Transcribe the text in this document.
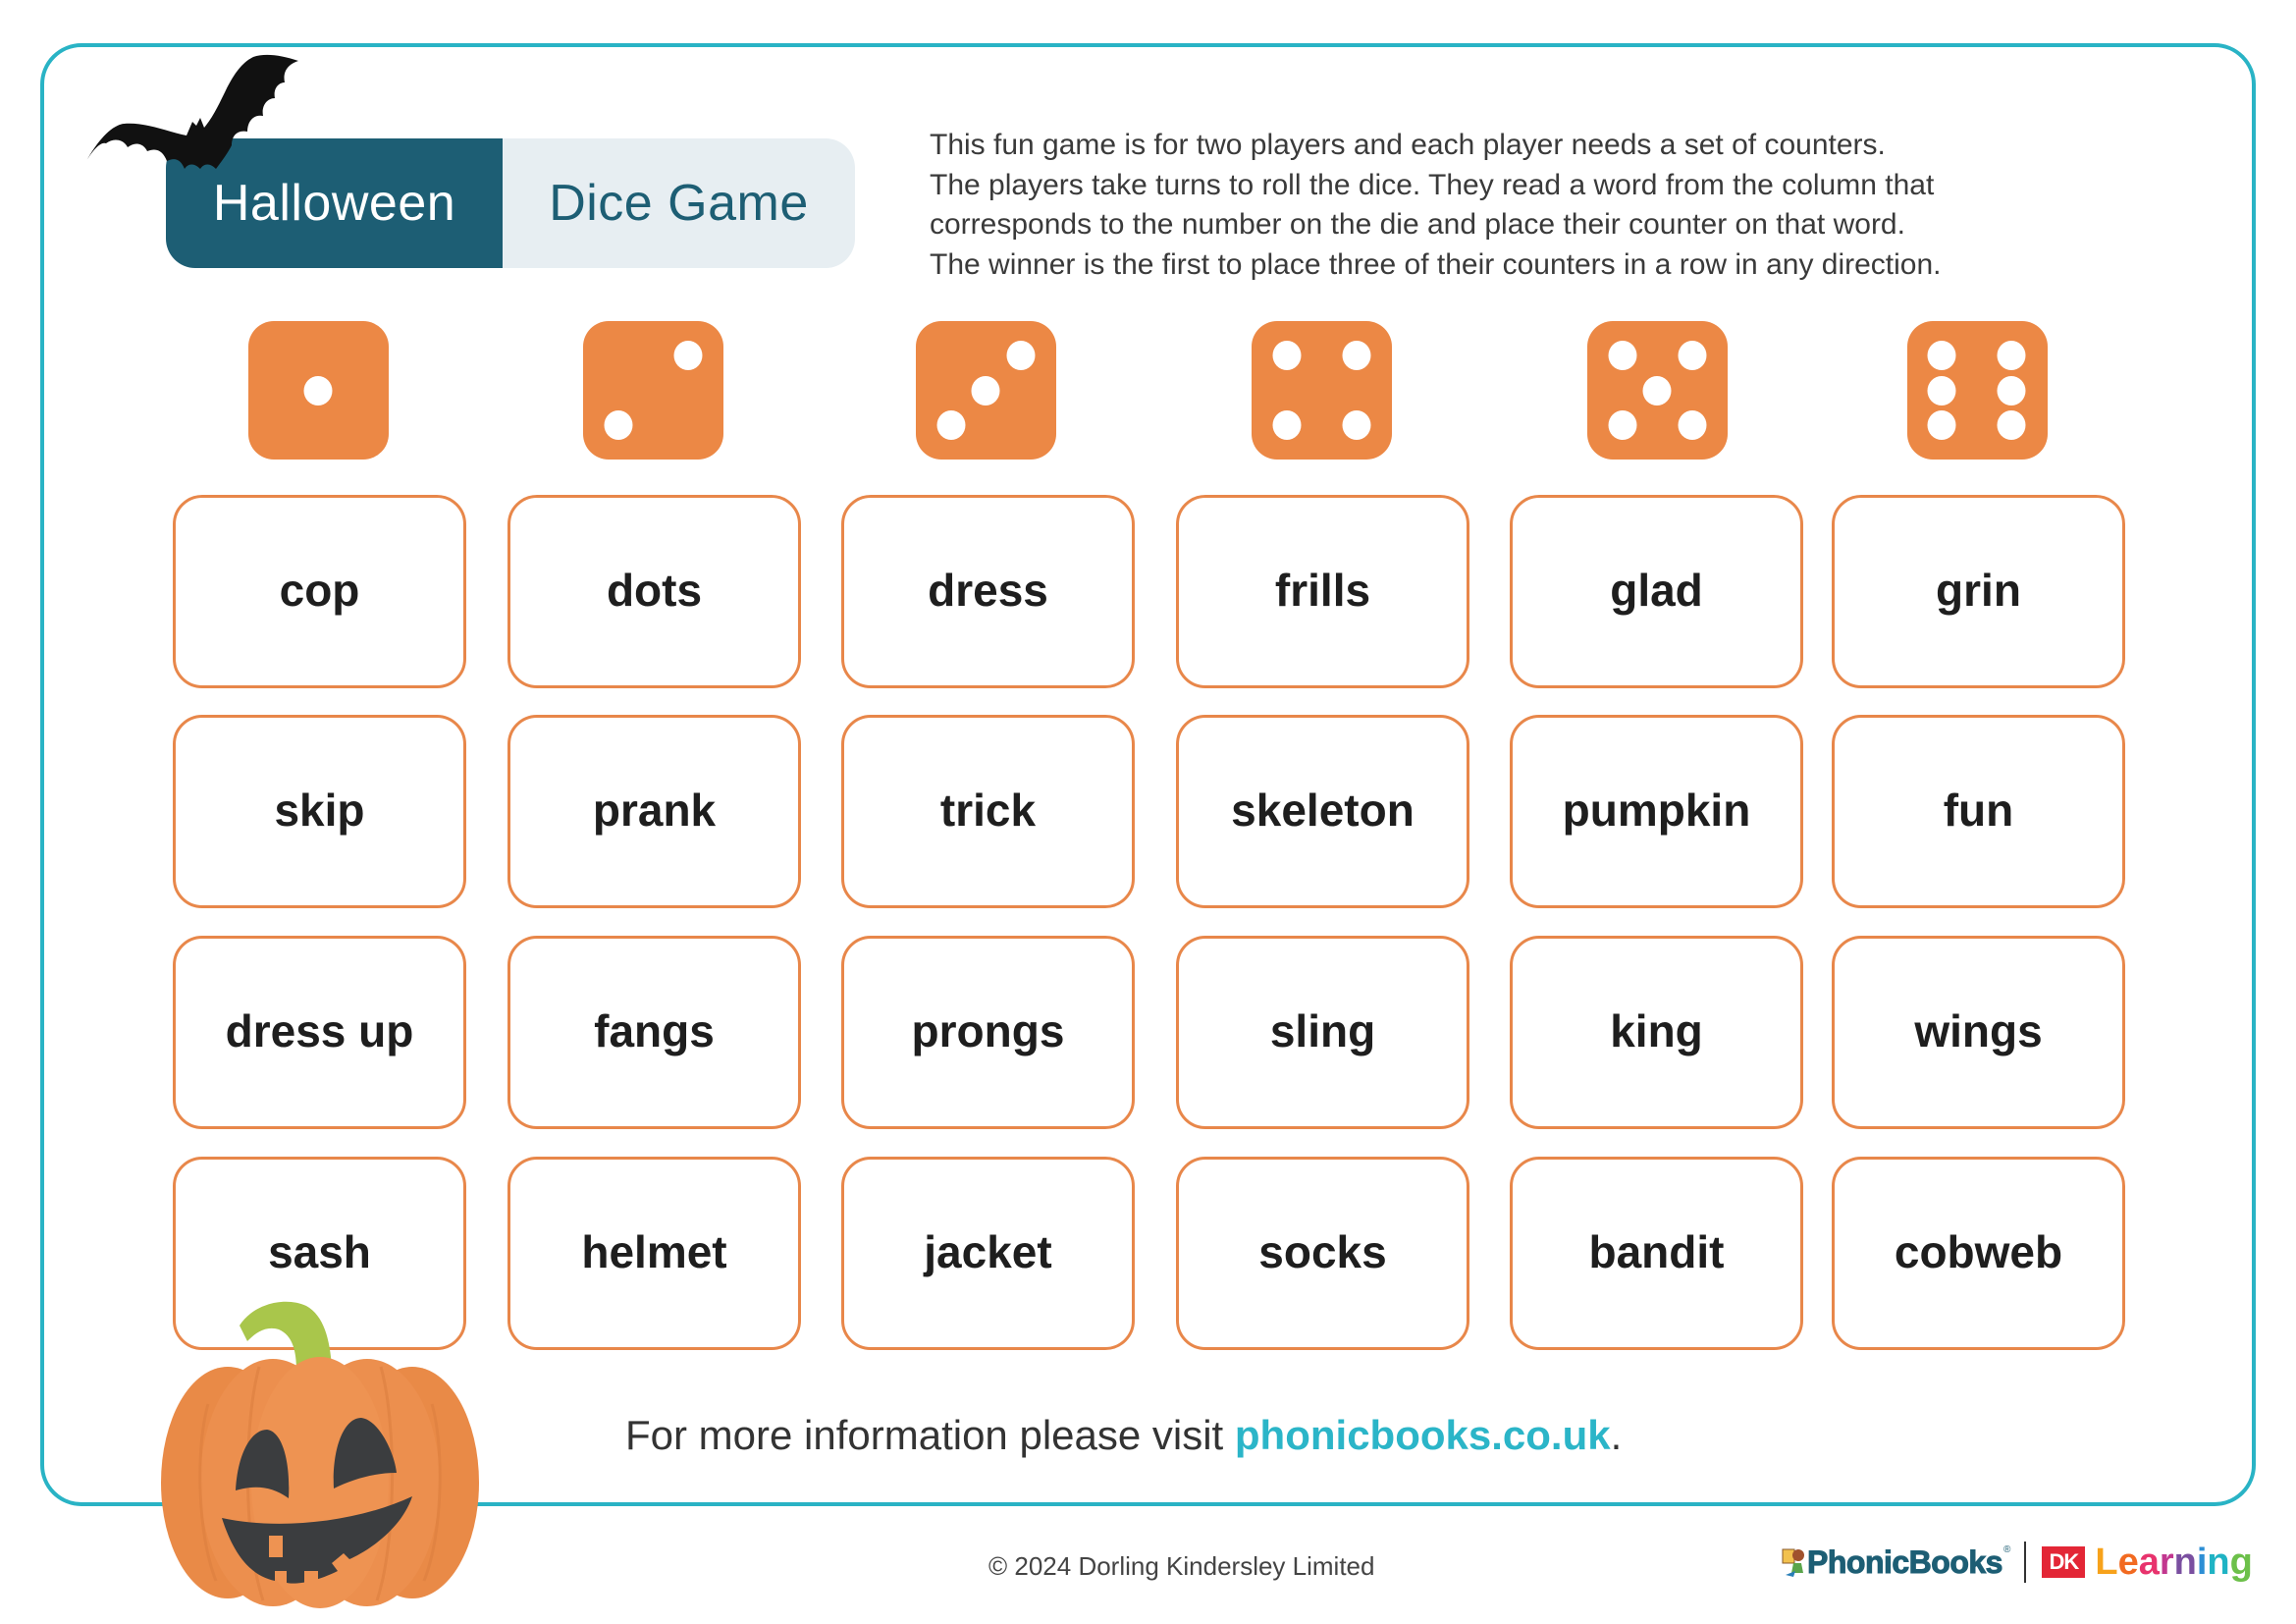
Halloween	Dice Game
This fun game is for two players and each player needs a set of counters.
The players take turns to roll the dice. They read a word from the column that
corresponds to the number on the die and place their counter on that word.
The winner is the first to place three of their counters in a row in any direction.
cop	dots	dress	frills	glad	grin
skip	prank	trick	skeleton	pumpkin	fun
dress up	fangs	prongs	sling	king	wings
sash	helmet	jacket	socks	bandit	cobweb
For more information please visit phonicbooks.co.uk.
© 2024 Dorling Kindersley Limited	PhonicBooks ®	DK Learning
